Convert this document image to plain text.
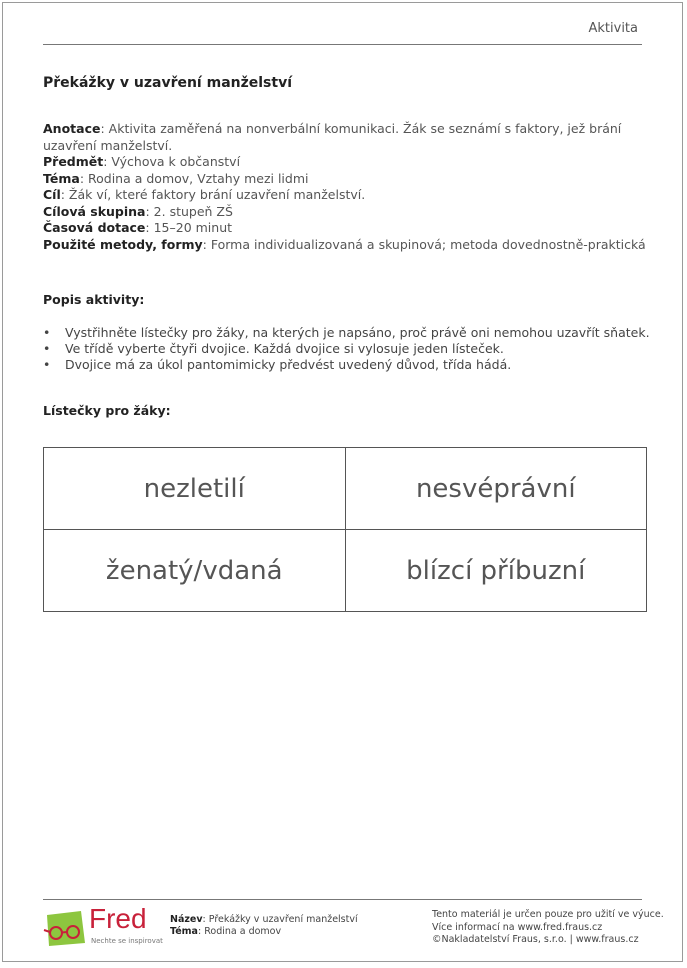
Aktivita
Překážky v uzavření manželství

Anotace: Aktivita zaměřená na nonverbální komunikaci. Žák se seznámí s faktory, jež brání uzavření manželství.

Předmět: Výchova k občanství

Téma: Rodina a domov, Vztahy mezi lidmi

Cíl: Žák ví, které faktory brání uzavření manželství.

Cílová skupina: 2. stupeň ZŠ

Časová dotace: 15–20 minut

Použité metody, formy: Forma individualizovaná a skupinová; metoda dovednostně-praktická

Popis aktivity:
• Vystřihněte lístečky pro žáky, na kterých je napsáno, proč právě oni nemohou uzavřít sňatek.
• Ve třídě vyberte čtyři dvojice. Každá dvojice si vylosuje jeden lísteček.
• Dvojice má za úkol pantomimicky předvést uvedený důvod, třída hádá.
Lístečky pro žáky:
nezletilí	nesvéprávní
ženatý/vdaná	blízcí příbuzní
Fred
Nechte se inspirovat
Název: Překážky v uzavření manželství
Téma: Rodina a domov
Tento materiál je určen pouze pro užití ve výuce.
Více informací na www.fred.fraus.cz
©Nakladatelství Fraus, s.r.o. | www.fraus.cz
